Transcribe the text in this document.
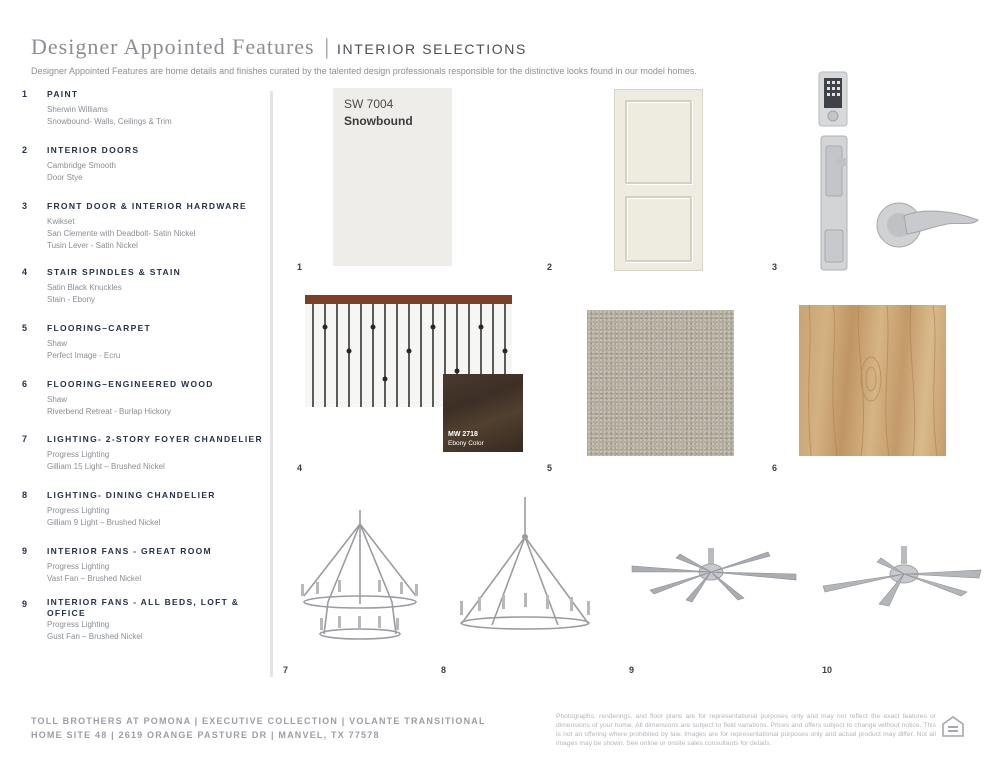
Designer Appointed Features | INTERIOR SELECTIONS
Designer Appointed Features are home details and finishes curated by the talented design professionals responsible for the distinctive looks found in our model homes.
1 PAINT
Sherwin Williams
Snowbound- Walls, Ceilings & Trim
2 INTERIOR DOORS
Cambridge Smooth
Door Stye
3 FRONT DOOR & INTERIOR HARDWARE
Kwikset
San Clemente with Deadbolt- Satin Nickel
Tusin Lever - Satin Nickel
4 STAIR SPINDLES & STAIN
Satin Black Knuckles
Stain - Ebony
5 FLOORING–CARPET
Shaw
Perfect Image - Ecru
6 FLOORING–ENGINEERED WOOD
Shaw
Riverbend Retreat - Burlap Hickory
7 LIGHTING- 2-STORY FOYER CHANDELIER
Progress Lighting
Gilliam 15 Light – Brushed Nickel
8 LIGHTING- DINING CHANDELIER
Progress Lighting
Gilliam 9 Light – Brushed Nickel
9 INTERIOR FANS - GREAT ROOM
Progress Lighting
Vast Fan – Brushed Nickel
9 INTERIOR FANS - ALL BEDS, LOFT &
OFFICE
Progress Lighting
Gust Fan – Brushed Nickel
SW 7004
Snowbound
1	2	3
MW 2718
Ebony Color
4	5	6
7	8	9	10
TOLL BROTHERS AT POMONA | EXECUTIVE COLLECTION | VOLANTE TRANSITIONAL
HOME SITE 48 | 2619 ORANGE PASTURE DR | MANVEL, TX 77578
Photographs, renderings, and floor plans are for representational purposes only and may not reflect the exact features or dimensions of your home. All dimensions are subject to field variations. Prices and offers subject to change without notice. This is not an offering where prohibited by law. Images are for representational purposes only and actual product may differ. Not all images may be shown. See online or onsite sales consultants for details.
